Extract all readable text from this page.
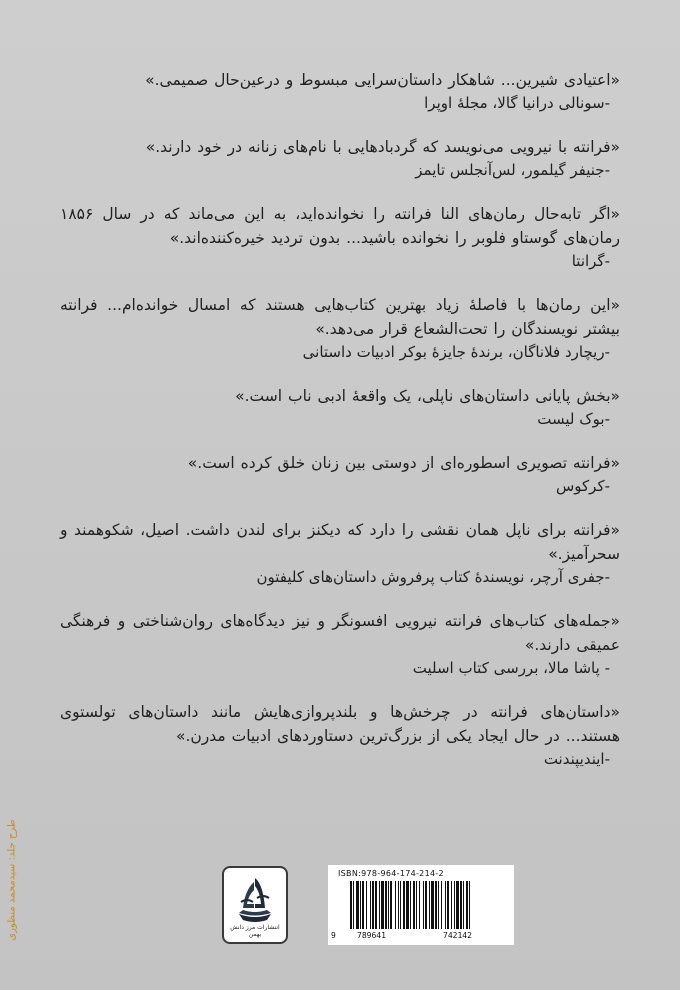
«اعتیادی شیرین... شاهکار داستان‌سرایی مبسوط و درعین‌حال صمیمی.»
-سونالی درانیا گالا، مجلۀ اوپرا
«فرانته با نیرویی می‌نویسد که گردبادهایی با نام‌های زنانه در خود دارند.»
-جنیفر گیلمور، لس‌آنجلس تایمز
«اگر تابه‌حال رمان‌های النا فرانته را نخوانده‌اید، به این می‌ماند که در سال ۱۸۵۶ رمان‌های گوستاو فلوبر را نخوانده باشید... بدون تردید خیره‌کننده‌اند.»
-گرانتا
«این رمان‌ها با فاصلۀ زیاد بهترین کتاب‌هایی هستند که امسال خوانده‌ام... فرانته بیشتر نویسندگان را تحت‌الشعاع قرار می‌دهد.»
-ریچارد فلاناگان، برندۀ جایزۀ بوکر ادبیات داستانی
«بخش پایانی داستان‌های ناپلی، یک واقعۀ ادبی ناب است.»
-بوک لیست
«فرانته تصویری اسطوره‌ای از دوستی بین زنان خلق کرده است.»
-کرکوس
«فرانته برای ناپل همان نقشی را دارد که دیکنز برای لندن داشت. اصیل، شکوهمند و سحرآمیز.»
-جفری آرچر، نویسندۀ کتاب پرفروش داستان‌های کلیفتون
«جمله‌های کتاب‌های فرانته نیرویی افسونگر و نیز دیدگاه‌های روان‌شناختی و فرهنگی عمیقی دارند.»
- پاشا مالا، بررسی کتاب اسلیت
«داستان‌های فرانته در چرخش‌ها و بلندپروازی‌هایش مانند داستان‌های تولستوی هستند... در حال ایجاد یکی از بزرگ‌ترین دستاوردهای ادبیات مدرن.»
-ایندیپندنت
طرح جلد: سیدمحمد منظوری	انتشارات مرز دانش بهمن
ISBN:978-964-174-214-2
9	789641	742142
